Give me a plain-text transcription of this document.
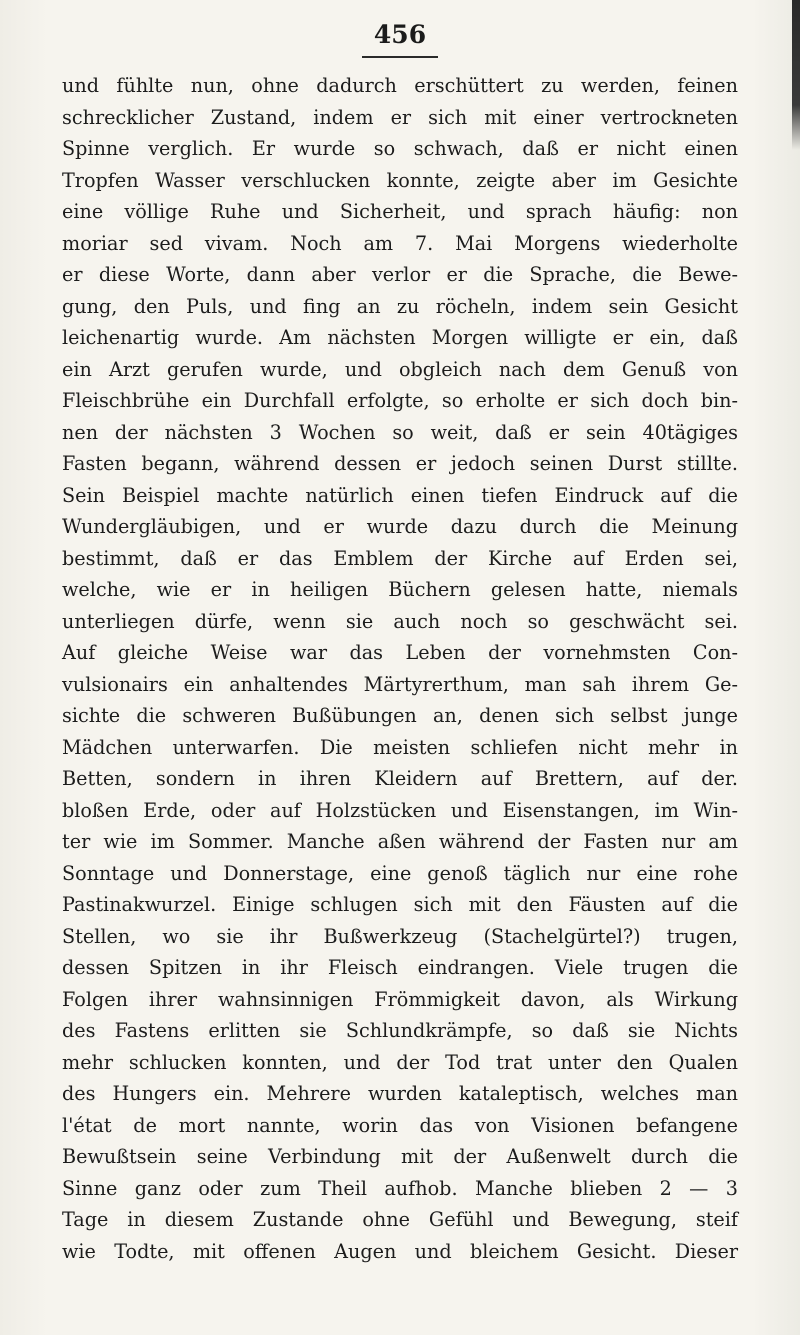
456
und fühlte nun, ohne dadurch erschüttert zu werden, feinen
schrecklicher Zustand, indem er sich mit einer vertrockneten
Spinne verglich. Er wurde so schwach, daß er nicht einen
Tropfen Wasser verschlucken konnte, zeigte aber im Gesichte
eine völlige Ruhe und Sicherheit, und sprach häufig: non
moriar sed vivam. Noch am 7. Mai Morgens wiederholte
er diese Worte, dann aber verlor er die Sprache, die Bewe-
gung, den Puls, und fing an zu röcheln, indem sein Gesicht
leichenartig wurde. Am nächsten Morgen willigte er ein, daß
ein Arzt gerufen wurde, und obgleich nach dem Genuß von
Fleischbrühe ein Durchfall erfolgte, so erholte er sich doch bin-
nen der nächsten 3 Wochen so weit, daß er sein 40tägiges
Fasten begann, während dessen er jedoch seinen Durst stillte.
Sein Beispiel machte natürlich einen tiefen Eindruck auf die
Wundergläubigen, und er wurde dazu durch die Meinung
bestimmt, daß er das Emblem der Kirche auf Erden sei,
welche, wie er in heiligen Büchern gelesen hatte, niemals
unterliegen dürfe, wenn sie auch noch so geschwächt sei.
Auf gleiche Weise war das Leben der vornehmsten Con-
vulsionairs ein anhaltendes Märtyrerthum, man sah ihrem Ge-
sichte die schweren Bußübungen an, denen sich selbst junge
Mädchen unterwarfen. Die meisten schliefen nicht mehr in
Betten, sondern in ihren Kleidern auf Brettern, auf der.
bloßen Erde, oder auf Holzstücken und Eisenstangen, im Win-
ter wie im Sommer. Manche aßen während der Fasten nur am
Sonntage und Donnerstage, eine genoß täglich nur eine rohe
Pastinakwurzel. Einige schlugen sich mit den Fäusten auf die
Stellen, wo sie ihr Bußwerkzeug (Stachelgürtel?) trugen,
dessen Spitzen in ihr Fleisch eindrangen. Viele trugen die
Folgen ihrer wahnsinnigen Frömmigkeit davon, als Wirkung
des Fastens erlitten sie Schlundkrämpfe, so daß sie Nichts
mehr schlucken konnten, und der Tod trat unter den Qualen
des Hungers ein. Mehrere wurden kataleptisch, welches man
l'état de mort nannte, worin das von Visionen befangene
Bewußtsein seine Verbindung mit der Außenwelt durch die
Sinne ganz oder zum Theil aufhob. Manche blieben 2 — 3
Tage in diesem Zustande ohne Gefühl und Bewegung, steif
wie Todte, mit offenen Augen und bleichem Gesicht. Dieser
